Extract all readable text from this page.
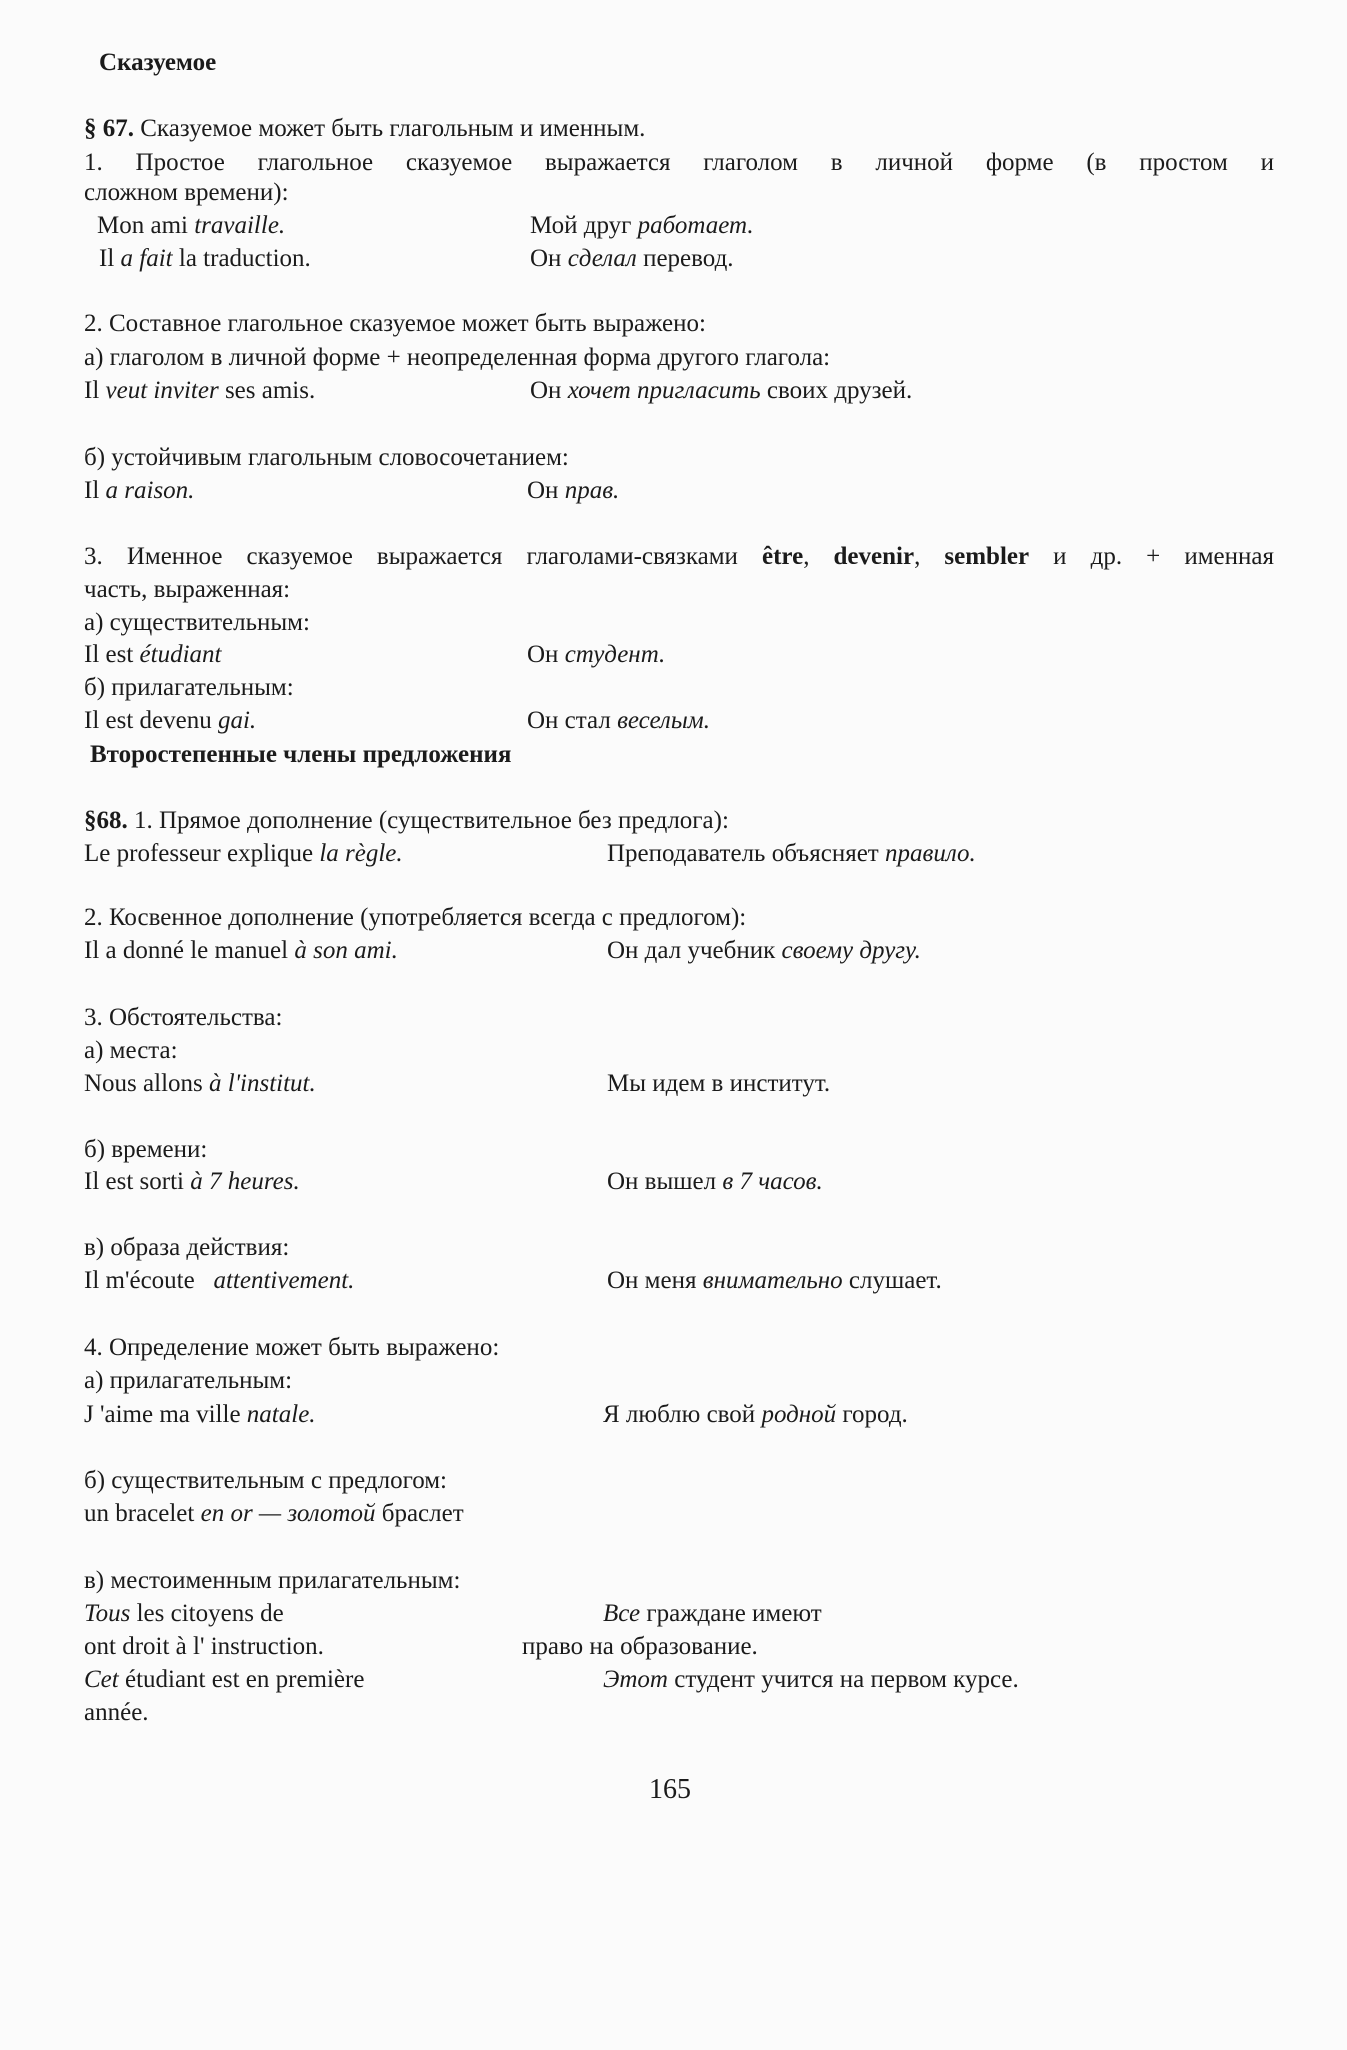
Сказуемое
§ 67. Сказуемое может быть глагольным и именным.
1. Простое глагольное сказуемое выражается глаголом в личной форме (в простом и
сложном времени):
Mon ami travaille.	Мой друг работает.
Il a fait la traduction.	Он сделал перевод.
2. Составное глагольное сказуемое может быть выражено:
а) глаголом в личной форме + неопределенная форма другого глагола:
Il veut inviter ses amis.	Он хочет пригласить своих друзей.
б) устойчивым глагольным словосочетанием:
Il a raison.	Он прав.
3. Именное сказуемое выражается глаголами-связками être, devenir, sembler и др. + именная
часть, выраженная:
а) существительным:
Il est étudiant	Он студент.
б) прилагательным:
Il est devenu gai.	Он стал веселым.
Второстепенные члены предложения
§68. 1. Прямое дополнение (существительное без предлога):
Le professeur explique la règle.	Преподаватель объясняет правило.
2. Косвенное дополнение (употребляется всегда с предлогом):
Il a donné le manuel à son ami.	Он дал учебник своему другу.
3. Обстоятельства:
а) места:
Nous allons à l'institut.	Мы идем в институт.
б) времени:
Il est sorti à 7 heures.	Он вышел в 7 часов.
в) образа действия:
Il m'écoute   attentivement.	Он меня внимательно слушает.
4. Определение может быть выражено:
а) прилагательным:
J 'aime ma ville natale.	Я люблю свой родной город.
б) существительным с предлогом:
un bracelet en or — золотой браслет
в) местоименным прилагательным:
Tous les citoyens de	Все граждане имеют
ont droit à l' instruction.	право на образование.
Cet étudiant est en première	Этот студент учится на первом курсе.
année.
165
